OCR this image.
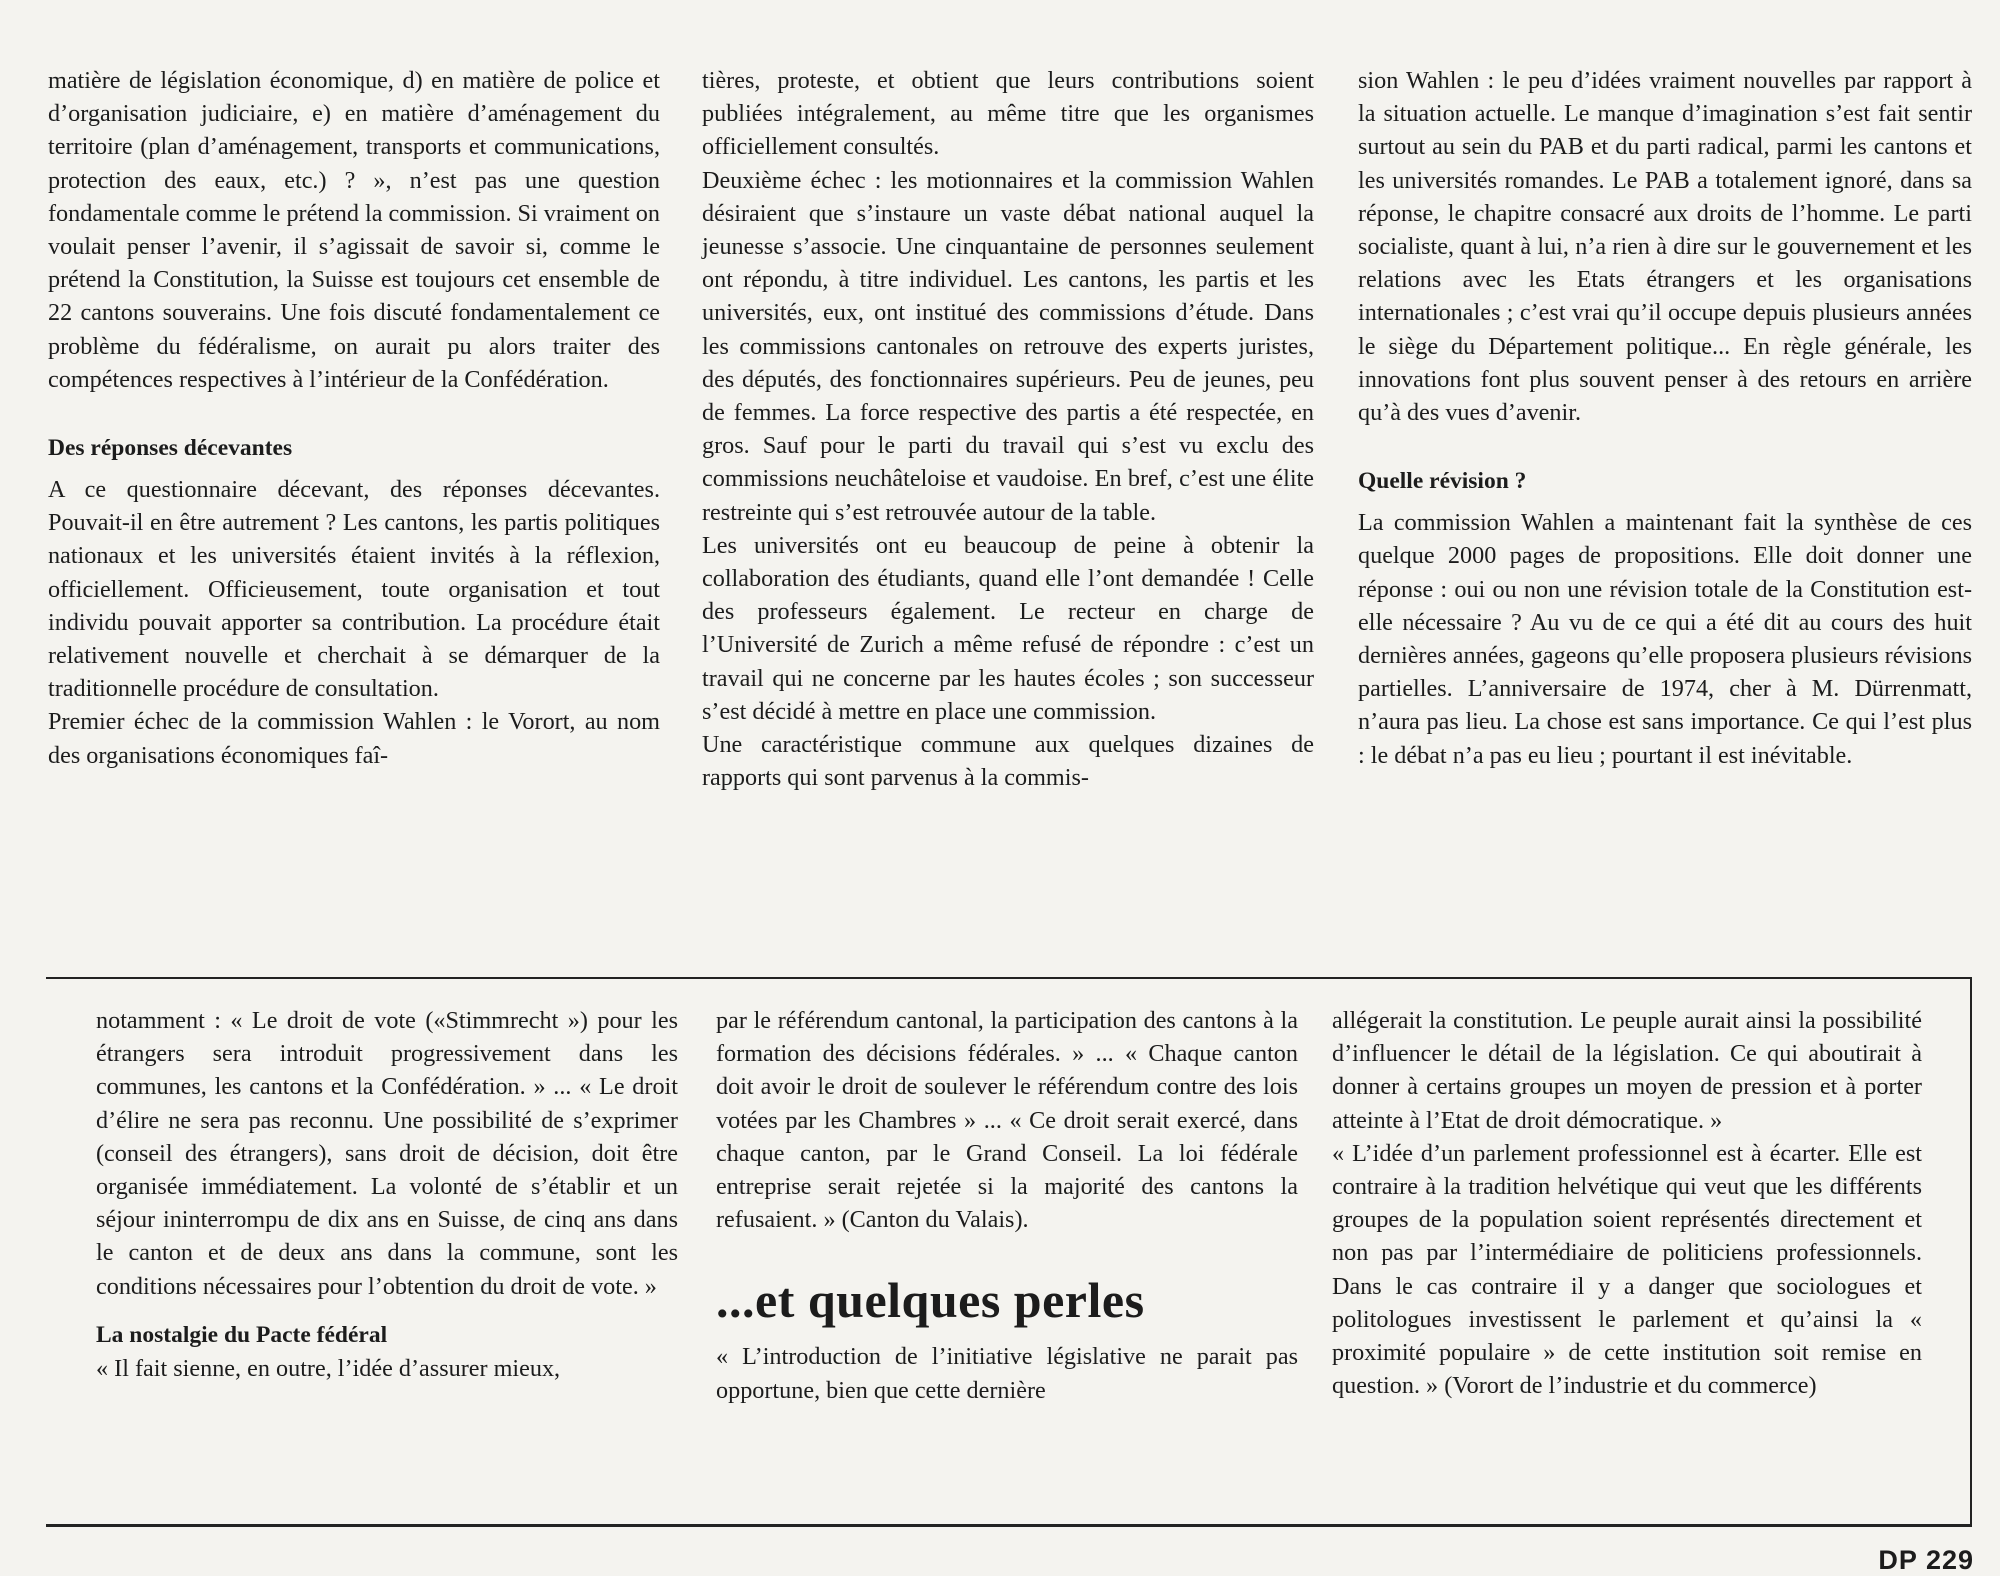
matière de législation économique, d) en matière de police et d’organisation judiciaire, e) en matière d’aménagement du territoire (plan d’aménagement, transports et communications, protection des eaux, etc.) ? », n’est pas une question fondamentale comme le prétend la commission. Si vraiment on voulait penser l’avenir, il s’agissait de savoir si, comme le prétend la Constitution, la Suisse est toujours cet ensemble de 22 cantons souverains. Une fois discuté fondamentalement ce problème du fédéralisme, on aurait pu alors traiter des compétences respectives à l’intérieur de la Confédération.

Des réponses décevantes

A ce questionnaire décevant, des réponses décevantes. Pouvait-il en être autrement ? Les cantons, les partis politiques nationaux et les universités étaient invités à la réflexion, officiellement. Officieusement, toute organisation et tout individu pouvait apporter sa contribution. La procédure était relativement nouvelle et cherchait à se démarquer de la traditionnelle procédure de consultation.

Premier échec de la commission Wahlen : le Vorort, au nom des organisations économiques faî-

tières, proteste, et obtient que leurs contributions soient publiées intégralement, au même titre que les organismes officiellement consultés.

Deuxième échec : les motionnaires et la commission Wahlen désiraient que s’instaure un vaste débat national auquel la jeunesse s’associe. Une cinquantaine de personnes seulement ont répondu, à titre individuel. Les cantons, les partis et les universités, eux, ont institué des commissions d’étude. Dans les commissions cantonales on retrouve des experts juristes, des députés, des fonctionnaires supérieurs. Peu de jeunes, peu de femmes. La force respective des partis a été respectée, en gros. Sauf pour le parti du travail qui s’est vu exclu des commissions neuchâteloise et vaudoise. En bref, c’est une élite restreinte qui s’est retrouvée autour de la table.

Les universités ont eu beaucoup de peine à obtenir la collaboration des étudiants, quand elle l’ont demandée ! Celle des professeurs également. Le recteur en charge de l’Université de Zurich a même refusé de répondre : c’est un travail qui ne concerne par les hautes écoles ; son successeur s’est décidé à mettre en place une commission.

Une caractéristique commune aux quelques dizaines de rapports qui sont parvenus à la commis-

sion Wahlen : le peu d’idées vraiment nouvelles par rapport à la situation actuelle. Le manque d’imagination s’est fait sentir surtout au sein du PAB et du parti radical, parmi les cantons et les universités romandes. Le PAB a totalement ignoré, dans sa réponse, le chapitre consacré aux droits de l’homme. Le parti socialiste, quant à lui, n’a rien à dire sur le gouvernement et les relations avec les Etats étrangers et les organisations internationales ; c’est vrai qu’il occupe depuis plusieurs années le siège du Département politique... En règle générale, les innovations font plus souvent penser à des retours en arrière qu’à des vues d’avenir.

Quelle révision ?

La commission Wahlen a maintenant fait la synthèse de ces quelque 2000 pages de propositions. Elle doit donner une réponse : oui ou non une révision totale de la Constitution est-elle nécessaire ? Au vu de ce qui a été dit au cours des huit dernières années, gageons qu’elle proposera plusieurs révisions partielles. L’anniversaire de 1974, cher à M. Dürrenmatt, n’aura pas lieu. La chose est sans importance. Ce qui l’est plus : le débat n’a pas eu lieu ; pourtant il est inévitable.

notamment : « Le droit de vote («Stimmrecht ») pour les étrangers sera introduit progressivement dans les communes, les cantons et la Confédération. » ... « Le droit d’élire ne sera pas reconnu. Une possibilité de s’exprimer (conseil des étrangers), sans droit de décision, doit être organisée immédiatement. La volonté de s’établir et un séjour ininterrompu de dix ans en Suisse, de cinq ans dans le canton et de deux ans dans la commune, sont les conditions nécessaires pour l’obtention du droit de vote. »

La nostalgie du Pacte fédéral

« Il fait sienne, en outre, l’idée d’assurer mieux,

par le référendum cantonal, la participation des cantons à la formation des décisions fédérales. » ... « Chaque canton doit avoir le droit de soulever le référendum contre des lois votées par les Chambres » ... « Ce droit serait exercé, dans chaque canton, par le Grand Conseil. La loi fédérale entreprise serait rejetée si la majorité des cantons la refusaient. » (Canton du Valais).

...et quelques perles

« L’introduction de l’initiative législative ne parait pas opportune, bien que cette dernière

allégerait la constitution. Le peuple aurait ainsi la possibilité d’influencer le détail de la législation. Ce qui aboutirait à donner à certains groupes un moyen de pression et à porter atteinte à l’Etat de droit démocratique. »

« L’idée d’un parlement professionnel est à écarter. Elle est contraire à la tradition helvétique qui veut que les différents groupes de la population soient représentés directement et non pas par l’intermédiaire de politiciens professionnels. Dans le cas contraire il y a danger que sociologues et politologues investissent le parlement et qu’ainsi la « proximité populaire » de cette institution soit remise en question. » (Vorort de l’industrie et du commerce)

DP 229
